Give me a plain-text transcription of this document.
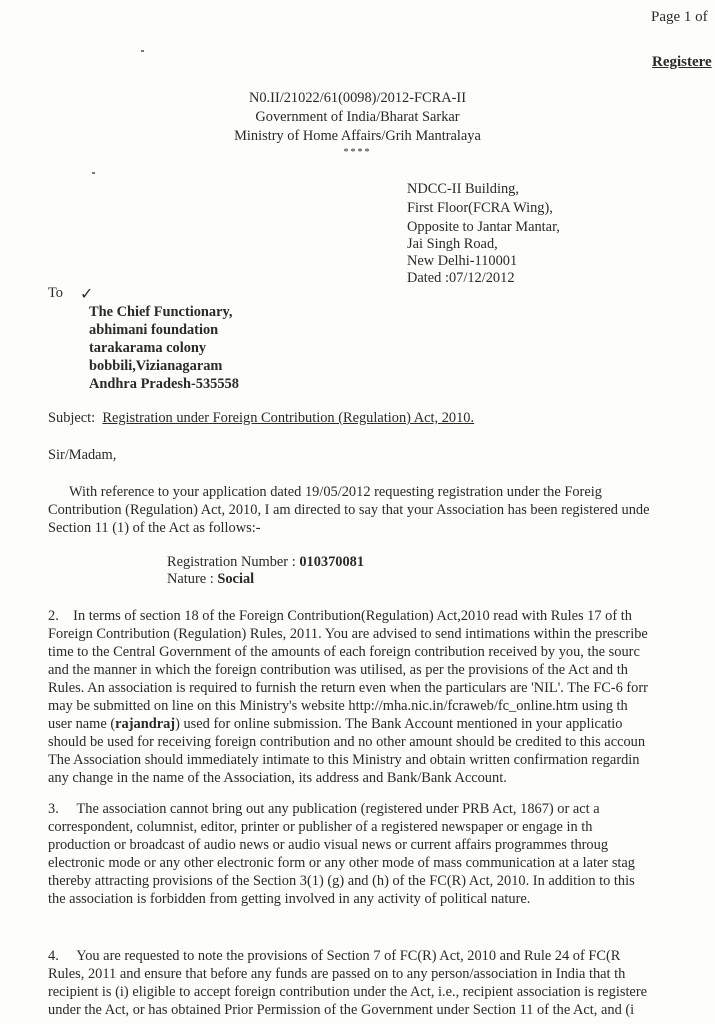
Page 1 of
Registere
N0.II/21022/61(0098)/2012-FCRA-II
Government of India/Bharat Sarkar
Ministry of Home Affairs/Grih Mantralaya
****
NDCC-II Building,
First Floor(FCRA Wing),
Opposite to Jantar Mantar,
Jai Singh Road,
New Delhi-110001
Dated :07/12/2012
To ✓
The Chief Functionary,
abhimani foundation
tarakarama colony
bobbili,Vizianagaram
Andhra Pradesh-535558
Subject: Registration under Foreign Contribution (Regulation) Act, 2010.
Sir/Madam,
With reference to your application dated 19/05/2012 requesting registration under the Foreig
Contribution (Regulation) Act, 2010, I am directed to say that your Association has been registered unde
Section 11 (1) of the Act as follows:-
Registration Number : 010370081
Nature : Social
2.    In terms of section 18 of the Foreign Contribution(Regulation) Act,2010 read with Rules 17 of th
Foreign Contribution (Regulation) Rules, 2011. You are advised to send intimations within the prescribe
time to the Central Government of the amounts of each foreign contribution received by you, the sourc
and the manner in which the foreign contribution was utilised, as per the provisions of the Act and th
Rules. An association is required to furnish the return even when the particulars are 'NIL'. The FC-6 forr
may be submitted on line on this Ministry's website http://mha.nic.in/fcraweb/fc_online.htm using th
user name (rajandraj) used for online submission. The Bank Account mentioned in your applicatio
should be used for receiving foreign contribution and no other amount should be credited to this accoun
The Association should immediately intimate to this Ministry and obtain written confirmation regardin
any change in the name of the Association, its address and Bank/Bank Account.
3.     The association cannot bring out any publication (registered under PRB Act, 1867) or act a
correspondent, columnist, editor, printer or publisher of a registered newspaper or engage in th
production or broadcast of audio news or audio visual news or current affairs programmes throug
electronic mode or any other electronic form or any other mode of mass communication at a later stag
thereby attracting provisions of the Section 3(1) (g) and (h) of the FC(R) Act, 2010. In addition to this
the association is forbidden from getting involved in any activity of political nature.
4.     You are requested to note the provisions of Section 7 of FC(R) Act, 2010 and Rule 24 of FC(R
Rules, 2011 and ensure that before any funds are passed on to any person/association in India that th
recipient is (i) eligible to accept foreign contribution under the Act, i.e., recipient association is registere
under the Act, or has obtained Prior Permission of the Government under Section 11 of the Act, and (i
